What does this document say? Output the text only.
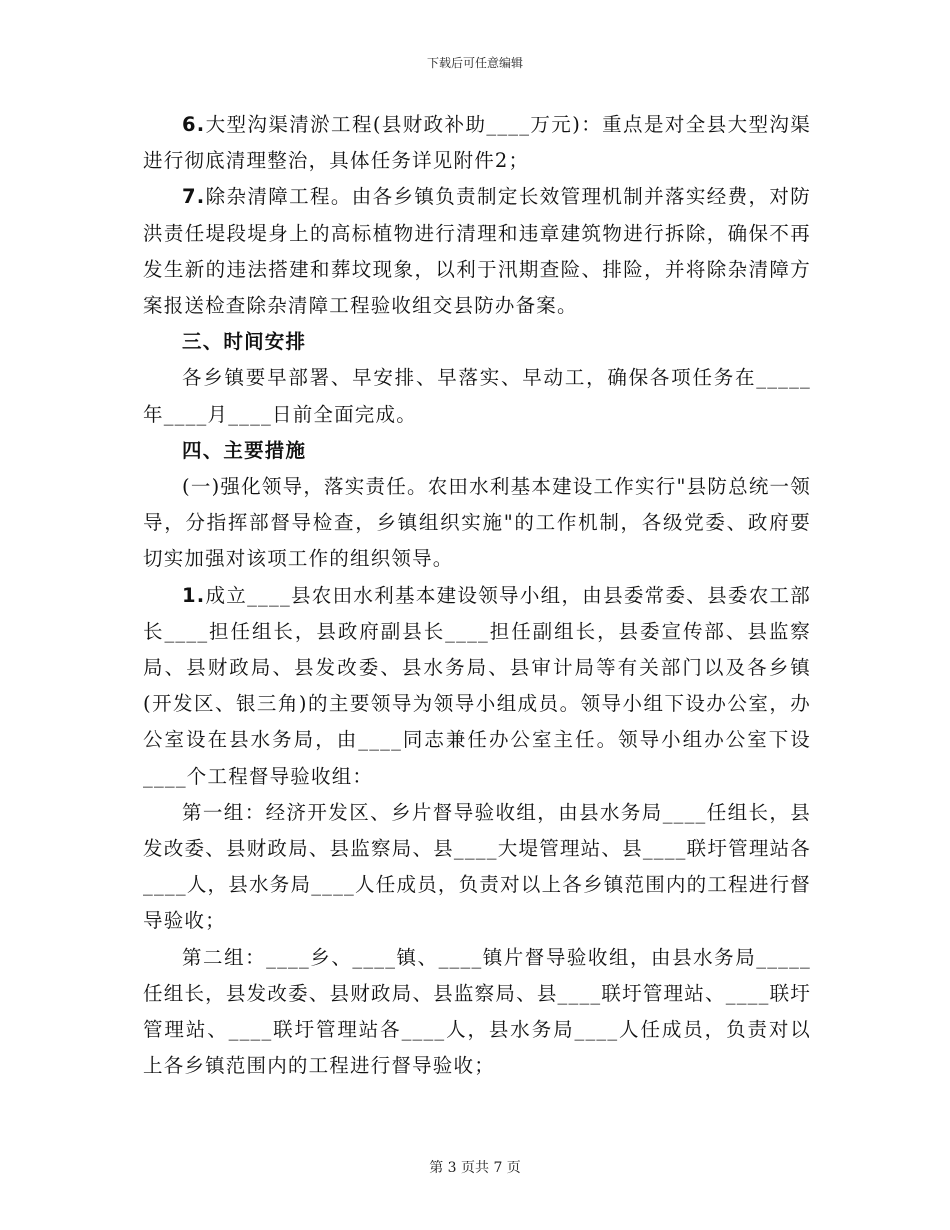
下载后可任意编辑

6.大型沟渠清淤工程(县财政补助____万元)：重点是对全县大型沟渠进行彻底清理整治，具体任务详见附件2；

7.除杂清障工程。由各乡镇负责制定长效管理机制并落实经费，对防洪责任堤段堤身上的高标植物进行清理和违章建筑物进行拆除，确保不再发生新的违法搭建和葬坟现象，以利于汛期查险、排险，并将除杂清障方案报送检查除杂清障工程验收组交县防办备案。

三、时间安排

各乡镇要早部署、早安排、早落实、早动工，确保各项任务在_____年____月____日前全面完成。

四、主要措施

(一)强化领导，落实责任。农田水利基本建设工作实行"县防总统一领导，分指挥部督导检查，乡镇组织实施"的工作机制，各级党委、政府要切实加强对该项工作的组织领导。

1.成立____县农田水利基本建设领导小组，由县委常委、县委农工部长____担任组长，县政府副县长____担任副组长，县委宣传部、县监察局、县财政局、县发改委、县水务局、县审计局等有关部门以及各乡镇(开发区、银三角)的主要领导为领导小组成员。领导小组下设办公室，办公室设在县水务局，由____同志兼任办公室主任。领导小组办公室下设____个工程督导验收组：

第一组：经济开发区、乡片督导验收组，由县水务局____任组长，县发改委、县财政局、县监察局、县____大堤管理站、县____联圩管理站各____人，县水务局____人任成员，负责对以上各乡镇范围内的工程进行督导验收；

第二组：____乡、____镇、____镇片督导验收组，由县水务局_____任组长，县发改委、县财政局、县监察局、县____联圩管理站、____联圩管理站、____联圩管理站各____人，县水务局____人任成员，负责对以上各乡镇范围内的工程进行督导验收；

第 3 页共 7 页
